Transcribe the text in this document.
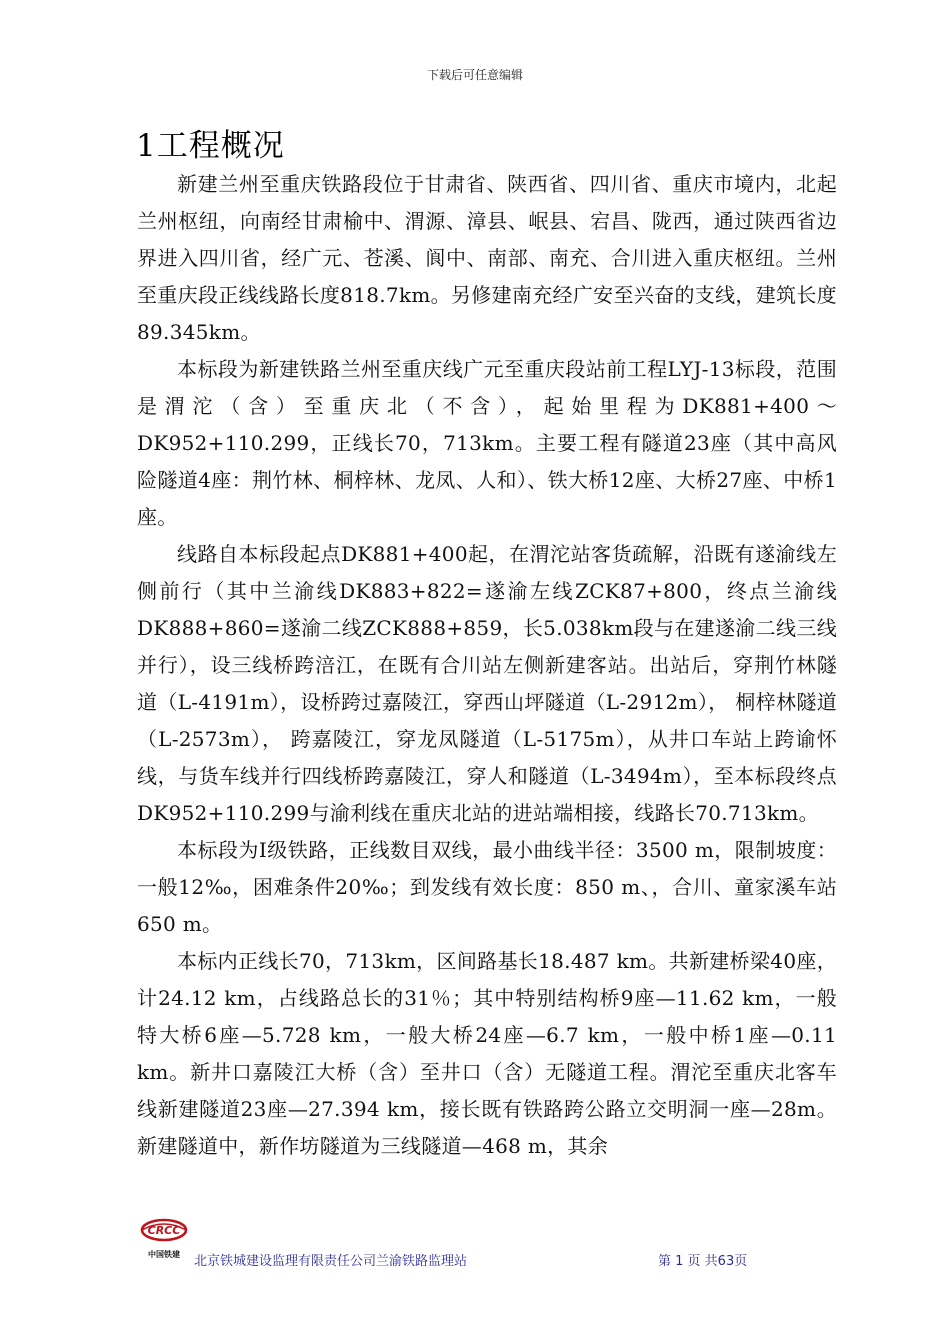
下载后可任意编辑
1工程概况

新建兰州至重庆铁路段位于甘肃省、陕西省、四川省、重庆市境内，北起兰州枢纽，向南经甘肃榆中、渭源、漳县、岷县、宕昌、陇西，通过陕西省边界进入四川省，经广元、苍溪、阆中、南部、南充、合川进入重庆枢纽。兰州至重庆段正线线路长度818.7km。另修建南充经广安至兴奋的支线，建筑长度89.345km。

本标段为新建铁路兰州至重庆线广元至重庆段站前工程LYJ-13标段，范围是渭沱（含）至重庆北（不含），起始里程为DK881+400～DK952+110.299，正线长70，713km。主要工程有隧道23座（其中高风险隧道4座：荆竹林、桐梓林、龙凤、人和）、铁大桥12座、大桥27座、中桥1座。

线路自本标段起点DK881+400起，在渭沱站客货疏解，沿既有遂渝线左侧前行（其中兰渝线DK883+822=遂渝左线ZCK87+800，终点兰渝线DK888+860=遂渝二线ZCK888+859，长5.038km段与在建遂渝二线三线并行），设三线桥跨涪江，在既有合川站左侧新建客站。出站后，穿荆竹林隧道（L-4191m），设桥跨过嘉陵江，穿西山坪隧道（L-2912m）， 桐梓林隧道（L-2573m）， 跨嘉陵江，穿龙凤隧道（L-5175m），从井口车站上跨谕怀线，与货车线并行四线桥跨嘉陵江，穿人和隧道（L-3494m），至本标段终点DK952+110.299与渝利线在重庆北站的进站端相接，线路长70.713km。

本标段为Ⅰ级铁路，正线数目双线，最小曲线半径：3500 m，限制坡度：一般12‰，困难条件20‰；到发线有效长度：850 m、，合川、童家溪车站650 m。

本标内正线长70，713km，区间路基长18.487 km。共新建桥梁40座，计24.12 km，占线路总长的31％；其中特别结构桥9座—11.62 km，一般特大桥6座—5.728 km，一般大桥24座—6.7 km，一般中桥1座—0.11 km。新井口嘉陵江大桥（含）至井口（含）无隧道工程。渭沱至重庆北客车线新建隧道23座—27.394 km，接长既有铁路跨公路立交明洞一座—28m。新建隧道中，新作坊隧道为三线隧道—468 m，其余

CRCC
中国铁建 北京铁城建设监理有限责任公司兰渝铁路监理站	第 1 页 共63页
